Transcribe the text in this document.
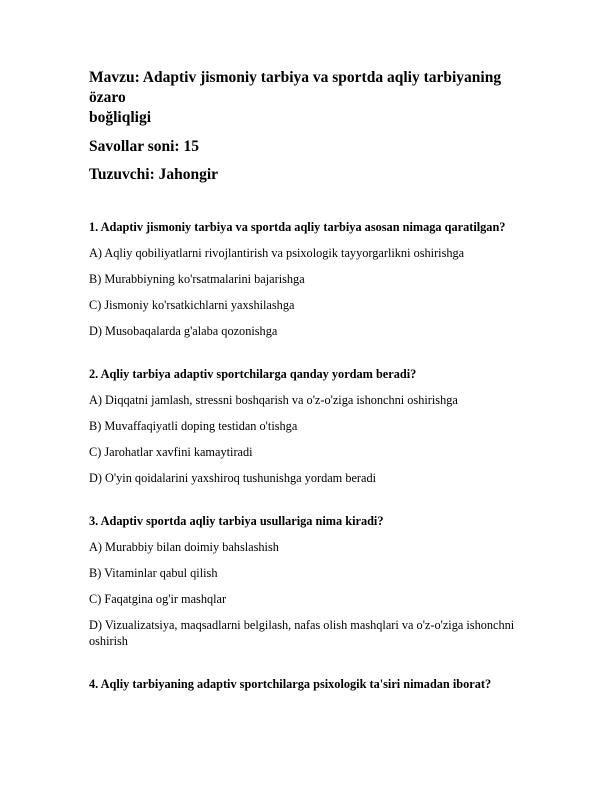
Mavzu: Adaptiv jismoniy tarbiya va sportda aqliy tarbiyaning özaro
boğliqligi
Savollar soni: 15
Tuzuvchi: Jahongir
1. Adaptiv jismoniy tarbiya va sportda aqliy tarbiya asosan nimaga qaratilgan?
A) Aqliy qobiliyatlarni rivojlantirish va psixologik tayyorgarlikni oshirishga
B) Murabbiyning ko'rsatmalarini bajarishga
C) Jismoniy ko'rsatkichlarni yaxshilashga
D) Musobaqalarda g'alaba qozonishga
2. Aqliy tarbiya adaptiv sportchilarga qanday yordam beradi?
A) Diqqatni jamlash, stressni boshqarish va o'z-o'ziga ishonchni oshirishga
B) Muvaffaqiyatli doping testidan o'tishga
C) Jarohatlar xavfini kamaytiradi
D) O'yin qoidalarini yaxshiroq tushunishga yordam beradi
3. Adaptiv sportda aqliy tarbiya usullariga nima kiradi?
A) Murabbiy bilan doimiy bahslashish
B) Vitaminlar qabul qilish
C) Faqatgina og'ir mashqlar
D) Vizualizatsiya, maqsadlarni belgilash, nafas olish mashqlari va o'z-o'ziga ishonchni oshirish
4. Aqliy tarbiyaning adaptiv sportchilarga psixologik ta'siri nimadan iborat?
